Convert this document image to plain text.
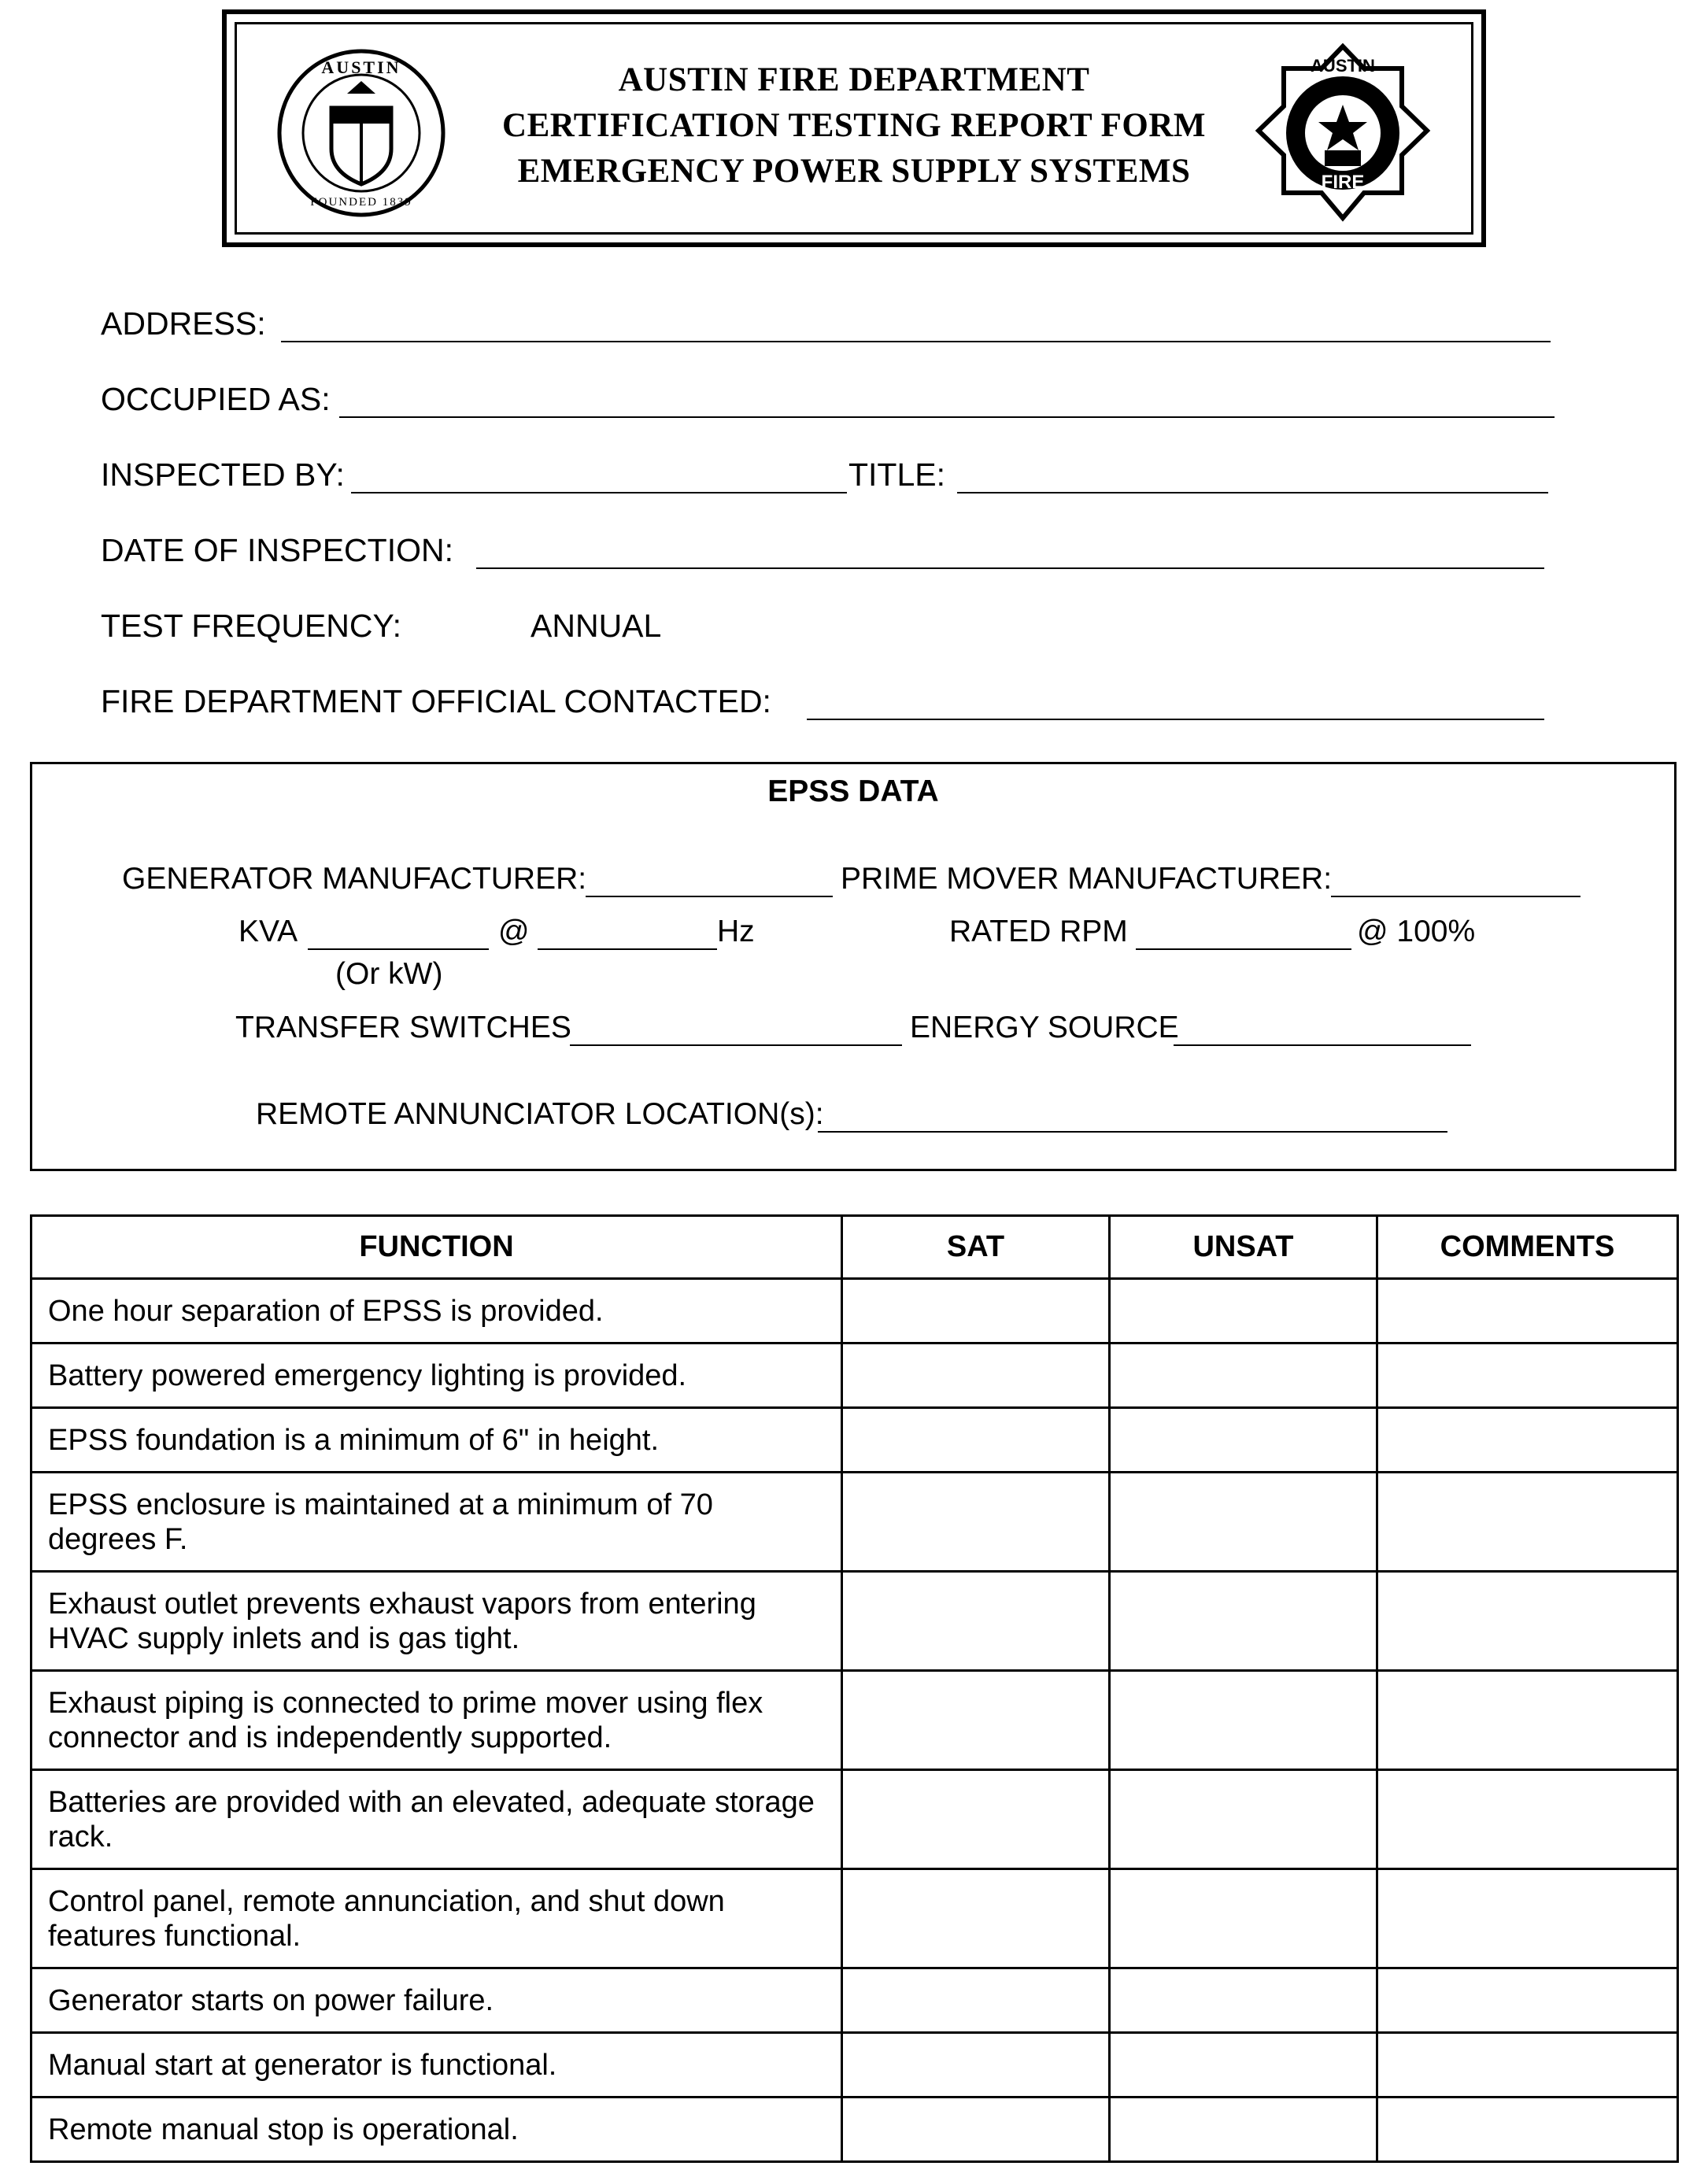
AUSTIN
FOUNDED 1839
AUSTIN FIRE DEPARTMENT
CERTIFICATION TESTING REPORT FORM
EMERGENCY POWER SUPPLY SYSTEMS
AUSTIN
FIRE
ADDRESS:
OCCUPIED AS:
INSPECTED BY:	TITLE:
DATE OF INSPECTION:
TEST FREQUENCY:	ANNUAL
FIRE DEPARTMENT OFFICIAL CONTACTED:
EPSS DATA
GENERATOR MANUFACTURER:	PRIME MOVER MANUFACTURER:
KVA	@	Hz	RATED RPM	@ 100%
(Or kW)
TRANSFER SWITCHES	ENERGY SOURCE
REMOTE ANNUNCIATOR LOCATION(s):
FUNCTION	SAT	UNSAT	COMMENTS
One hour separation of EPSS is provided.			
Battery powered emergency lighting is provided.			
EPSS foundation is a minimum of 6" in height.			
EPSS enclosure is maintained at a minimum of 70 degrees F.			
Exhaust outlet prevents exhaust vapors from entering HVAC supply inlets and is gas tight.			
Exhaust piping is connected to prime mover using flex connector and is independently supported.			
Batteries are provided with an elevated, adequate storage rack.			
Control panel, remote annunciation, and shut down features functional.			
Generator starts on power failure.			
Manual start at generator is functional.			
Remote manual stop is operational.			
